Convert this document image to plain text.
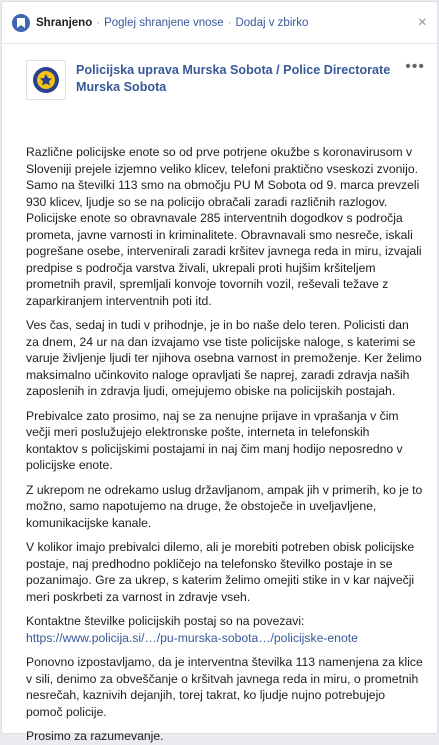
Shranjeno · Poglej shranjene vnose · Dodaj v zbirko	×
Policijska uprava Murska Sobota / Police Directorate Murska Sobota
•••

Različne policijske enote so od prve potrjene okužbe s koronavirusom v Sloveniji prejele izjemno veliko klicev, telefoni praktično vseskozi zvonijo. Samo na številki 113 smo na območju PU M Sobota od 9. marca prevzeli 930 klicev, ljudje so se na policijo obračali zaradi različnih razlogov. Policijske enote so obravnavale 285 interventnih dogodkov s področja prometa, javne varnosti in kriminalitete. Obravnavali smo nesreče, iskali pogrešane osebe, intervenirali zaradi kršitev javnega reda in miru, izvajali predpise s področja varstva živali, ukrepali proti hujšim kršiteljem prometnih pravil, spremljali konvoje tovornih vozil, reševali težave z zaparkiranjem interventnih poti itd.

Ves čas, sedaj in tudi v prihodnje, je in bo naše delo teren. Policisti dan za dnem, 24 ur na dan izvajamo vse tiste policijske naloge, s katerimi se varuje življenje ljudi ter njihova osebna varnost in premoženje. Ker želimo maksimalno učinkovito naloge opravljati še naprej, zaradi zdravja naših zaposlenih in zdravja ljudi, omejujemo obiske na policijskih postajah.

Prebivalce zato prosimo, naj se za nenujne prijave in vprašanja v čim večji meri poslužujejo elektronske pošte, interneta in telefonskih kontaktov s policijskimi postajami in naj čim manj hodijo neposredno v policijske enote.

Z ukrepom ne odrekamo uslug državljanom, ampak jih v primerih, ko je to možno, samo napotujemo na druge, že obstoječe in uveljavljene, komunikacijske kanale.

V kolikor imajo prebivalci dilemo, ali je morebiti potreben obisk policijske postaje, naj predhodno pokličejo na telefonsko številko postaje in se pozanimajo. Gre za ukrep, s katerim želimo omejiti stike in v kar največji meri poskrbeti za varnost in zdravje vseh.

Kontaktne številke policijskih postaj so na povezavi:
https://www.policija.si/…/pu-murska-sobota…/policijske-enote

Ponovno izpostavljamo, da je interventna številka 113 namenjena za klice v sili, denimo za obveščanje o kršitvah javnega reda in miru, o prometnih nesrečah, kaznivih dejanjih, torej takrat, ko ljudje nujno potrebujejo pomoč policije.

Prosimo za razumevanje.
